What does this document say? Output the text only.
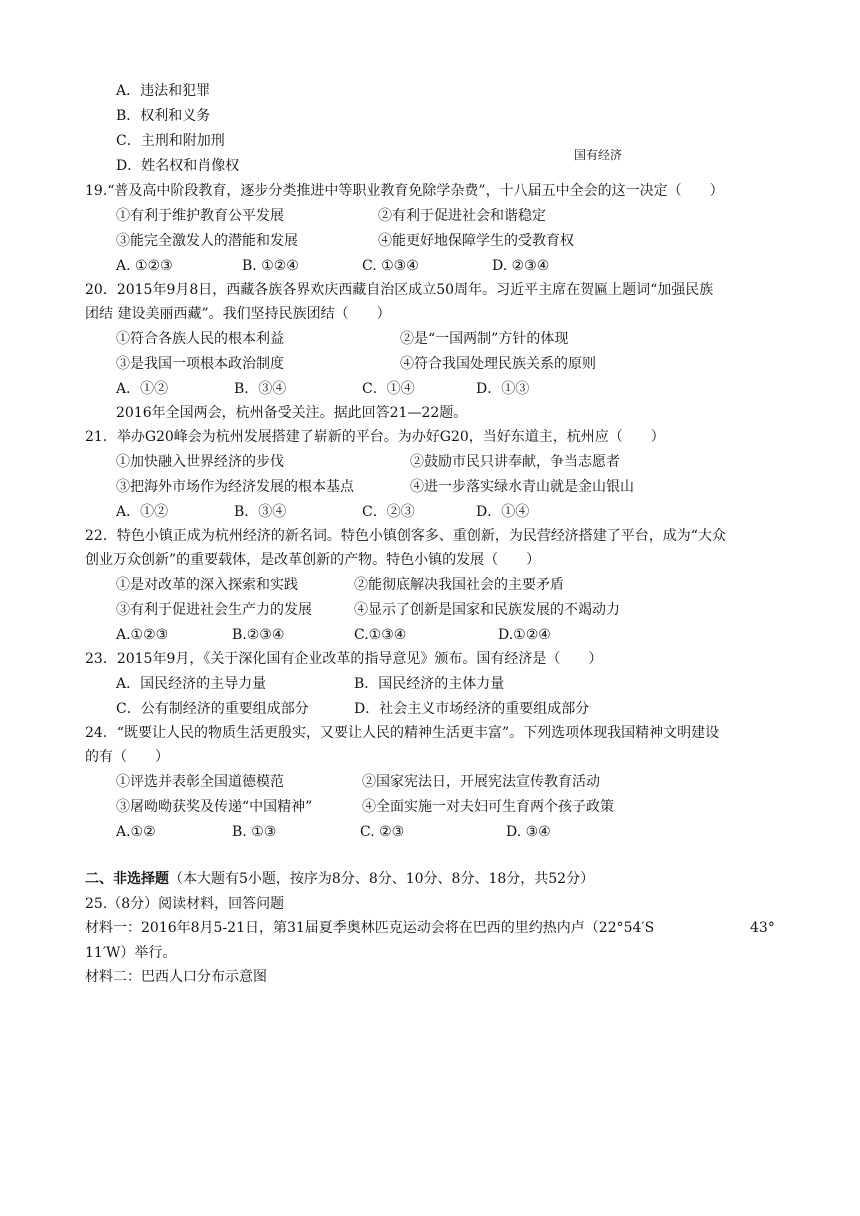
A．违法和犯罪
B．权利和义务
C．主刑和附加刑
D．姓名权和肖像权
国有经济
19.“普及高中阶段教育，逐步分类推进中等职业教育免除学杂费”，十八届五中全会的这一决定（　　）
①有利于维护教育公平发展	②有利于促进社会和谐稳定
③能完全激发人的潜能和发展	④能更好地保障学生的受教育权
A. ①②③	B. ①②④	C. ①③④	D. ②③④
20．2015年9月8日，西藏各族各界欢庆西藏自治区成立50周年。习近平主席在贺匾上题词“加强民族
团结 建设美丽西藏”。我们坚持民族团结（　　）
①符合各族人民的根本利益	②是“一国两制”方针的体现
③是我国一项根本政治制度	④符合我国处理民族关系的原则
A．①②	B．③④	C．①④	D．①③
2016年全国两会，杭州备受关注。据此回答21—22题。
21．举办G20峰会为杭州发展搭建了崭新的平台。为办好G20，当好东道主，杭州应（　　）
①加快融入世界经济的步伐	②鼓励市民只讲奉献，争当志愿者
③把海外市场作为经济发展的根本基点	④进一步落实绿水青山就是金山银山
A．①②	B．③④	C．②③	D．①④
22．特色小镇正成为杭州经济的新名词。特色小镇创客多、重创新，为民营经济搭建了平台，成为“大众
创业万众创新”的重要载体，是改革创新的产物。特色小镇的发展（　　）
①是对改革的深入探索和实践	②能彻底解决我国社会的主要矛盾
③有利于促进社会生产力的发展	④显示了创新是国家和民族发展的不竭动力
A.①②③	B.②③④	C.①③④	D.①②④
23．2015年9月，《关于深化国有企业改革的指导意见》颁布。国有经济是（　　）
A．国民经济的主导力量	B．国民经济的主体力量
C．公有制经济的重要组成部分	D．社会主义市场经济的重要组成部分
24．“既要让人民的物质生活更殷实，又要让人民的精神生活更丰富”。下列选项体现我国精神文明建设
的有（　　）
①评选并表彰全国道德模范	②国家宪法日，开展宪法宣传教育活动
③屠呦呦获奖及传递“中国精神”	④全面实施一对夫妇可生育两个孩子政策
A.①②	B. ①③	C. ②③	D. ③④
二、非选择题（本大题有5小题，按序为8分、8分、10分、8分、18分，共52分）
25.（8分）阅读材料，回答问题
材料一：2016年8月5-21日，第31届夏季奥林匹克运动会将在巴西的里约热内卢（22°54′S	43°
11′W）举行。
材料二：巴西人口分布示意图
